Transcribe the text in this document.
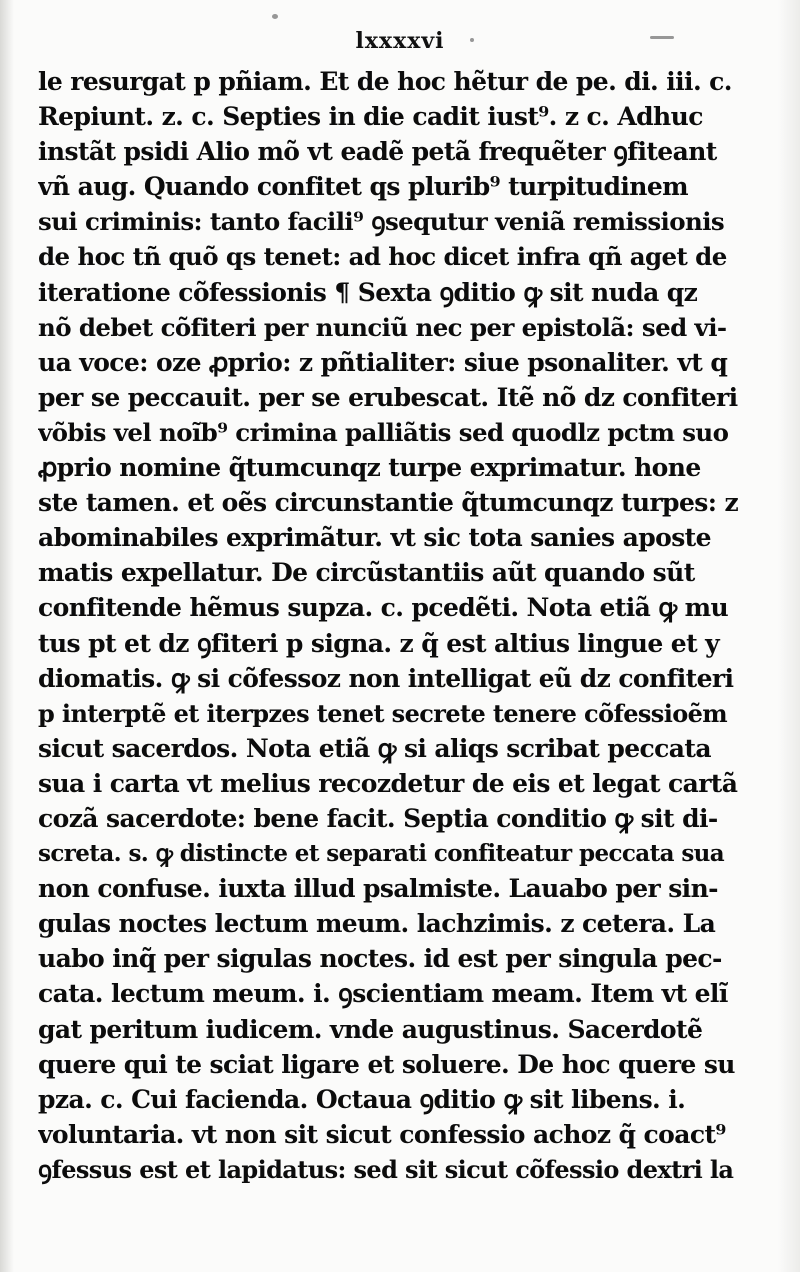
lxxxxvi
le resurgat p pñiam. Et de hoc hẽtur de pe. di. iii. c.
Repiunt. z. c. Septies in die cadit iust⁹. z c. Adhuc
instãt psidi Alio mõ vt eadẽ petã frequẽter ꝯfiteant
vñ aug. Quando confitet qs plurib⁹ turpitudinem
sui criminis: tanto facili⁹ ꝯsequtur veniã remissionis
de hoc tñ quõ qs tenet: ad hoc dicet infra qñ aget de
iteratione cõfessionis ¶ Sexta ꝯditio ꝙ sit nuda qz
nõ debet cõfiteri per nunciũ nec per epistolã: sed vi-
ua voce: oze ꝓprio: z pñtialiter: siue psonaliter. vt q
per se peccauit. per se erubescat. Itẽ nõ dz confiteri
võbis vel noĩb⁹ crimina palliãtis sed quodlz pctm suo
ꝓprio nomine q̃tumcunqz turpe exprimatur. hone
ste tamen. et oẽs circunstantie q̃tumcunqz turpes: z
abominabiles exprimãtur. vt sic tota sanies aposte
matis expellatur. De circũstantiis aũt quando sũt
confitende hẽmus supza. c. pcedẽti. Nota etiã ꝙ mu
tus pt et dz ꝯfiteri p signa. z q̃ est altius lingue et y
diomatis. ꝙ si cõfessoz non intelligat eũ dz confiteri
p interptẽ et iterpzes tenet secrete tenere cõfessioẽm
sicut sacerdos. Nota etiã ꝙ si aliqs scribat peccata
sua i carta vt melius recozdetur de eis et legat cartã
cozã sacerdote: bene facit. Septia conditio ꝙ sit di-
screta. s. ꝙ distincte et separati confiteatur peccata sua
non confuse. iuxta illud psalmiste. Lauabo per sin-
gulas noctes lectum meum. lachzimis. z cetera. La
uabo inq̃ per sigulas noctes. id est per singula pec-
cata. lectum meum. i. ꝯscientiam meam. Item vt elĩ
gat peritum iudicem. vnde augustinus. Sacerdotẽ
quere qui te sciat ligare et soluere. De hoc quere su
pza. c. Cui facienda. Octaua ꝯditio ꝙ sit libens. i.
voluntaria. vt non sit sicut confessio achoz q̃ coact⁹
ꝯfessus est et lapidatus: sed sit sicut cõfessio dextri la
